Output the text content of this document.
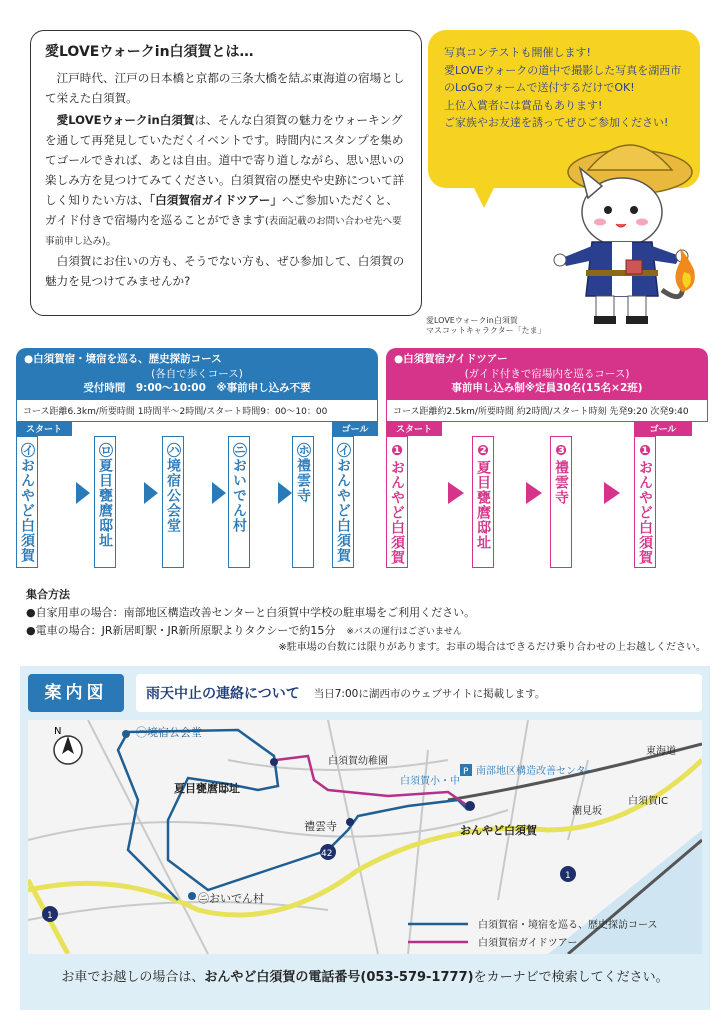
愛LOVEウォークin白須賀とは…

江戸時代、江戸の日本橋と京都の三条大橋を結ぶ東海道の宿場として栄えた白須賀。

愛LOVEウォークin白須賀は、そんな白須賀の魅力をウォーキングを通して再発見していただくイベントです。時間内にスタンプを集めてゴールできれば、あとは自由。道中で寄り道しながら、思い思いの楽しみ方を見つけてみてください。白須賀宿の歴史や史跡について詳しく知りたい方は、「白須賀宿ガイドツアー」へご参加いただくと、ガイド付きで宿場内を巡ることができます(表面記載のお問い合わせ先へ要事前申し込み)。

白須賀にお住いの方も、そうでない方も、ぜひ参加して、白須賀の魅力を見つけてみませんか?

写真コンテストも開催します!

愛LOVEウォークの道中で撮影した写真を湖西市のLoGoフォームで送付するだけでOK!

上位入賞者には賞品もあります!

ご家族やお友達を誘ってぜひご参加ください!

愛LOVEウォークin白須賀
マスコットキャラクター「たま」
●白須賀宿・境宿を巡る、歴史探訪コース
(各自で歩くコース)
受付時間　9:00〜10:00　※事前申し込み不要
コース距離6.3km/所要時間 1時間半〜2時間/スタート時間9：00〜10：00
スタート
㋑おんやど白須賀	㋺夏目甕麿邸址	㋩境宿公会堂	㋥おいでん村	㋭禮雲寺
ゴール
㋑おんやど白須賀
●白須賀宿ガイドツアー
(ガイド付きで宿場内を巡るコース)
事前申し込み制※定員30名(15名×2班)
コース距離約2.5km/所要時間 約2時間/スタート時刻 先発9:20 次発9:40
スタート
❶おんやど白須賀	❷夏目甕麿邸址	❸禮雲寺
ゴール
❶おんやど白須賀
集合方法
●自家用車の場合：南部地区構造改善センターと白須賀中学校の駐車場をご利用ください。
●電車の場合：JR新居町駅・JR新所原駅よりタクシーで約15分　 ※バスの運行はございません
※駐車場の台数には限りがあります。お車の場合はできるだけ乗り合わせの上お越しください。
案内図	雨天中止の連絡について 当日7:00に湖西市のウェブサイトに掲載します。
N	㋩境宿公会堂
夏目甕麿邸址
白須賀幼稚園
白須賀小・中
P 南部地区構造改善センター
おんやど白須賀
禮雲寺
㋥おいでん村
東海道
白須賀IC
潮見坂
42
1
1
白須賀宿・境宿を巡る、歴史探訪コース
白須賀宿ガイドツアー
お車でお越しの場合は、おんやど白須賀の電話番号(053-579-1777)をカーナビで検索してください。
